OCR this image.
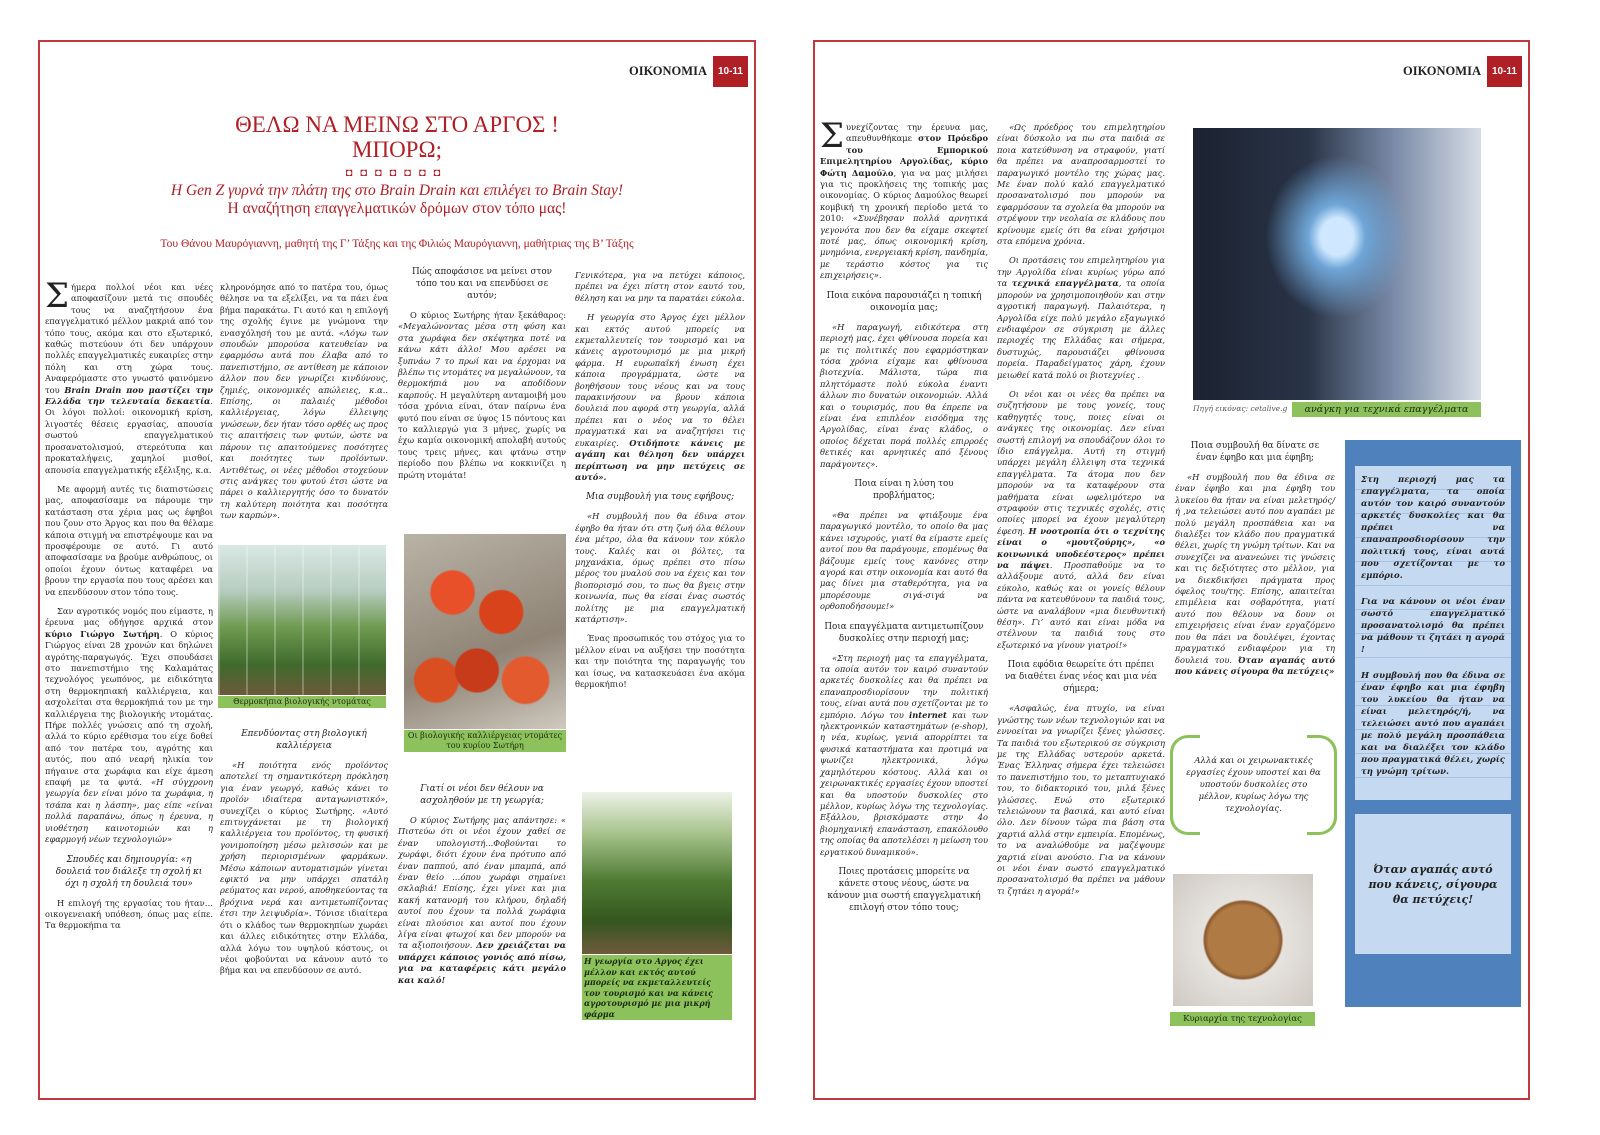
ΟΙΚΟΝΟΜΙΑ	10-11
ΘΕΛΩ ΝΑ ΜΕΙΝΩ ΣΤΟ ΑΡΓΟΣ !
ΜΠΟΡΩ;
◘◘◘◘◘◘◘
Η Gen Z γυρνά την πλάτη της στο Brain Drain και επιλέγει το Brain Stay!
Η αναζήτηση επαγγελματικών δρόμων στον τόπο μας!
Του Θάνου Μαυρόγιαννη, μαθητή της Γ’ Τάξης και της Φιλιώς Μαυρόγιαννη, μαθήτριας της Β’ Τάξης

Σήμερα πολλοί νέοι και νέες αποφασίζουν μετά τις σπουδές τους να αναζητήσουν ένα επαγγελματικό μέλλον μακριά από τον τόπο τους, ακόμα και στο εξωτερικό, καθώς πιστεύουν ότι δεν υπάρχουν πολλές επαγγελματικές ευκαιρίες στην πόλη και στη χώρα τους. Αναφερόμαστε στο γνωστό φαινόμενο του Brain Drain που μαστίζει την Ελλάδα την τελευταία δεκαετία. Οι λόγοι πολλοί: οικονομική κρίση, λιγοστές θέσεις εργασίας, απουσία σωστού επαγγελματικού προσανατολισμού, στερεότυπα και προκαταλήψεις, χαμηλοί μισθοί, απουσία επαγγελματικής εξέλιξης, κ.α.

Με αφορμή αυτές τις διαπιστώσεις μας, αποφασίσαμε να πάρουμε την κατάσταση στα χέρια μας ως έφηβοι που ζουν στο Άργος και που θα θέλαμε κάποια στιγμή να επιστρέψουμε και να προσφέρουμε σε αυτό. Γι αυτό αποφασίσαμε να βρούμε ανθρώπους, οι οποίοι έχουν όντως καταφέρει να βρουν την εργασία που τους αρέσει και να επενδύσουν στον τόπο τους.

Σαν αγροτικός νομός που είμαστε, η έρευνα μας οδήγησε αρχικά στον κύριο Γιώργο Σωτήρη. Ο κύριος Γιώργος είναι 28 χρονών και δηλώνει αγρότης-παραγωγός. Έχει σπουδάσει στο πανεπιστήμιο της Καλαμάτας τεχνολόγος γεωπόνος, με ειδικότητα στη θερμοκηπιακή καλλιέργεια, και ασχολείται στα θερμοκήπιά του με την καλλιέργεια της βιολογικής ντομάτας. Πήρε πολλές γνώσεις από τη σχολή, αλλά το κύριο ερέθισμα του είχε δοθεί από τον πατέρα του, αγρότης και αυτός, που από νεαρή ηλικία τον πήγαινε στα χωράφια και είχε άμεση επαφή με τα φυτά. «Η σύγχρονη γεωργία δεν είναι μόνο τα χωράφια, η τσάπα και η λάσπη», μας είπε «είναι πολλά παραπάνω, όπως η έρευνα, η υιοθέτηση καινοτομιών και η εφαρμογή νέων τεχνολογιών»

Σπουδές και δημιουργία: «η δουλειά του διάλεξε τη σχολή κι όχι η σχολή τη δουλειά του»

Η επιλογή της εργασίας του ήταν… οικογενειακή υπόθεση, όπως μας είπε. Τα θερμοκήπια τα

κληρονόμησε από το πατέρα του, όμως θέλησε να τα εξελίξει, να τα πάει ένα βήμα παρακάτω. Γι αυτό και η επιλογή της σχολής έγινε με γνώμονα την ενασχόλησή του με αυτά. «Λόγω των σπουδών μπορούσα κατευθείαν να εφαρμόσω αυτά που έλαβα από το πανεπιστήμιο, σε αντίθεση με κάποιον άλλον που δεν γνωρίζει κινδύνους, ζημιές, οικονομικές απώλειες, κ.α.. Επίσης, οι παλαιές μέθοδοι καλλιέργειας, λόγω έλλειψης γνώσεων, δεν ήταν τόσο ορθές ως προς τις απαιτήσεις των φυτών, ώστε να πάρουν τις απαιτούμενες ποσότητες και ποιότητες των προϊόντων. Αντιθέτως, οι νέες μέθοδοι στοχεύουν στις ανάγκες του φυτού έτσι ώστε να πάρει ο καλλιεργητής όσο το δυνατόν τη καλύτερη ποιότητα και ποσότητα των καρπών».

Θερμοκήπια βιολογικής ντομάτας
Επενδύοντας στη βιολογική καλλιέργεια

«Η ποιότητα ενός προϊόντος αποτελεί τη σημαντικότερη πρόκληση για έναν γεωργό, καθώς κάνει το προϊόν ιδιαίτερα ανταγωνιστικό», συνεχίζει ο κύριος Σωτήρης. «Αυτό επιτυγχάνεται με τη βιολογική καλλιέργεια του προϊόντος, τη φυσική γονιμοποίηση μέσω μελισσών και με χρήση περιορισμένων φαρμάκων. Μέσω κάποιων αυτοματισμών γίνεται εφικτό να μην υπάρχει σπατάλη ρεύματος και νερού, αποθηκεύοντας τα βρόχινα νερά και αντιμετωπίζοντας έτσι την λειψυδρία». Τόνισε ιδιαίτερα ότι ο κλάδος των θερμοκηπίων χωράει και άλλες ειδικότητες στην Ελλάδα, αλλά λόγω του υψηλού κόστους, οι νέοι φοβούνται να κάνουν αυτό το βήμα και να επενδύσουν σε αυτό.

Πώς αποφάσισε να μείνει στον τόπο του και να επενδύσει σε αυτόν;

Ο κύριος Σωτήρης ήταν ξεκάθαρος: «Μεγαλώνοντας μέσα στη φύση και στα χωράφια δεν σκέφτηκα ποτέ να κάνω κάτι άλλο! Μου αρέσει να ξυπνάω 7 το πρωί και να έρχομαι να βλέπω τις ντομάτες να μεγαλώνουν, τα θερμοκήπιά μου να αποδίδουν καρπούς. Η μεγαλύτερη ανταμοιβή μου τόσα χρόνια είναι, όταν παίρνω ένα φυτό που είναι σε ύψος 15 πόντους και το καλλιεργώ για 3 μήνες, χωρίς να έχω καμία οικονομική απολαβή αυτούς τους τρεις μήνες, και φτάνω στην περίοδο που βλέπω να κοκκινίζει η πρώτη ντομάτα!

Οι βιολογικής καλλιέργειας ντομάτες του κυρίου Σωτήρη
Γιατί οι νέοι δεν θέλουν να ασχοληθούν με τη γεωργία;

Ο κύριος Σωτήρης μας απάντησε: « Πιστεύω ότι οι νέοι έχουν χαθεί σε έναν υπολογιστή...Φοβούνται το χωράφι, διότι έχουν ένα πρότυπο από έναν παππού, από έναν μπαμπά, από έναν θείο …όπου χωράφι σημαίνει σκλαβιά! Επίσης, έχει γίνει και μια κακή κατανομή του κλήρου, δηλαδή αυτοί που έχουν τα πολλά χωράφια είναι πλούσιοι και αυτοί που έχουν λίγα είναι φτωχοί και δεν μπορούν να τα αξιοποιήσουν. Δεν χρειάζεται να υπάρχει κάποιος γονιός από πίσω, για να καταφέρεις κάτι μεγάλο και καλό!

Γενικότερα, για να πετύχει κάποιος, πρέπει να έχει πίστη στον εαυτό του, θέληση και να μην τα παρατάει εύκολα.

Η γεωργία στο Άργος έχει μέλλον και εκτός αυτού μπορείς να εκμεταλλευτείς τον τουρισμό και να κάνεις αγροτουρισμό με μια μικρή φάρμα. Η ευρωπαϊκή ένωση έχει κάποια προγράμματα, ώστε να βοηθήσουν τους νέους και να τους παρακινήσουν να βρουν κάποια δουλειά που αφορά στη γεωργία, αλλά πρέπει και ο νέος να το θέλει πραγματικά και να αναζητήσει τις ευκαιρίες. Οτιδήποτε κάνεις με αγάπη και θέληση δεν υπάρχει περίπτωση να μην πετύχεις σε αυτό».

Μια συμβουλή για τους εφήβους;

«Η συμβουλή που θα έδινα στον έφηβο θα ήταν ότι στη ζωή όλα θέλουν ένα μέτρο, όλα θα κάνουν τον κύκλο τους. Καλές και οι βόλτες, τα μηχανάκια, όμως πρέπει στο πίσω μέρος του μυαλού σου να έχεις και τον βιοπορισμό σου, το πως θα βγεις στην κοινωνία, πως θα είσαι ένας σωστός πολίτης με μια επαγγελματική κατάρτιση».

Ένας προσωπικός του στόχος για το μέλλον είναι να αυξήσει την ποσότητα και την ποιότητα της παραγωγής του και ίσως, να κατασκευάσει ένα ακόμα θερμοκήπιο!

Η γεωργία στο Αργος έχει μέλλον και εκτός αυτού μπορείς να εκμεταλλευτείς τον τουρισμό και να κάνεις αγροτουρισμό με μια μικρή φάρμα
ΟΙΚΟΝΟΜΙΑ	10-11

Συνεχίζοντας την έρευνα μας, απευθυνθήκαμε στον Πρόεδρο του Εμπορικού Επιμελητηρίου Αργολίδας, κύριο Φώτη Δαμούλο, για να μας μιλήσει για τις προκλήσεις της τοπικής μας οικονομίας. Ο κύριος Δαμούλος θεωρεί κομβική τη χρονική περίοδο μετά το 2010: «Συνέβησαν πολλά αρνητικά γεγονότα που δεν θα είχαμε σκεφτεί ποτέ μας, όπως οικονομική κρίση, μνημόνια, ενεργειακή κρίση, πανδημία, με τεράστιο κόστος για τις επιχειρήσεις».

Ποια εικόνα παρουσιάζει η τοπική οικονομία μας;

«Η παραγωγή, ειδικότερα στη περιοχή μας, έχει φθίνουσα πορεία και με τις πολιτικές που εφαρμόστηκαν τόσα χρόνια είχαμε και φθίνουσα βιοτεχνία. Μάλιστα, τώρα πια πληττόμαστε πολύ εύκολα έναντι άλλων πιο δυνατών οικονομιών. Αλλά και ο τουρισμός, που θα έπρεπε να είναι ένα επιπλέον εισόδημα της Αργολίδας, είναι ένας κλάδος, ο οποίος δέχεται πορά πολλές επιρροές θετικές και αρνητικές από ξένους παράγοντες».

Ποια είναι η λύση του προβλήματος;

«Θα πρέπει να φτιάξουμε ένα παραγωγικό μοντέλο, το οποίο θα μας κάνει ισχυρούς, γιατί θα είμαστε εμείς αυτοί που θα παράγουμε, επομένως θα βάζουμε εμείς τους κανόνες στην αγορά και στην οικονομία και αυτό θα μας δίνει μια σταθερότητα, για να μπορέσουμε σιγά-σιγά να ορθοποδήσουμε!»

Ποια επαγγέλματα αντιμετωπίζουν δυσκολίες στην περιοχή μας;

«Στη περιοχή μας τα επαγγέλματα, τα οποία αυτόν τον καιρό συναντούν αρκετές δυσκολίες και θα πρέπει να επαναπροσδιορίσουν την πολιτική τους, είναι αυτά που σχετίζονται με το εμπόριο. Λόγω του internet και των ηλεκτρονικών καταστημάτων (e-shop), η νέα, κυρίως, γενιά απορρίπτει τα φυσικά καταστήματα και προτιμά να ψωνίζει ηλεκτρονικά, λόγω χαμηλότερου κόστους. Αλλά και οι χειρωνακτικές εργασίες έχουν υποστεί και θα υποστούν δυσκολίες στο μέλλον, κυρίως λόγω της τεχνολογίας. Εξάλλου, βρισκόμαστε στην 4ο βιομηχανική επανάσταση, επακόλουθο της οποίας θα αποτελέσει η μείωση του εργατικού δυναμικού».

Ποιες προτάσεις μπορείτε να κάνετε στους νέους, ώστε να κάνουν μια σωστή επαγγελματική επιλογή στον τόπο τους;

«Ως πρόεδρος του επιμελητηρίου είναι δύσκολο να πω στα παιδιά σε ποια κατεύθυνση να στραφούν, γιατί θα πρέπει να αναπροσαρμοστεί το παραγωγικό μοντέλο της χώρας μας. Με έναν πολύ καλό επαγγελματικό προσανατολισμό που μπορούν να εφαρμόσουν τα σχολεία θα μπορούν να στρέψουν την νεολαία σε κλάδους που κρίνουμε εμείς ότι θα είναι χρήσιμοι στα επόμενα χρόνια.

Οι προτάσεις του επιμελητηρίου για την Αργολίδα είναι κυρίως γύρω από τα τεχνικά επαγγέλματα, τα οποία μπορούν να χρησιμοποιηθούν και στην αγροτική παραγωγή. Παλαιότερα, η Αργολίδα είχε πολύ μεγάλο εξαγωγικό ενδιαφέρον σε σύγκριση με άλλες περιοχές της Ελλάδας και σήμερα, δυστυχώς, παρουσιάζει φθίνουσα πορεία. Παραδείγματος χάρη, έχουν μειωθεί κατά πολύ οι βιοτεχνίες .

Οι νέοι και οι νέες θα πρέπει να συζητήσουν με τους γονείς, τους καθηγητές τους, ποιες είναι οι ανάγκες της οικονομίας. Δεν είναι σωστή επιλογή να σπουδάζουν όλοι το ίδιο επάγγελμα. Αυτή τη στιγμή υπάρχει μεγάλη έλλειψη στα τεχνικά επαγγέλματα. Τα άτομα που δεν μπορούν να τα καταφέρουν στα μαθήματα είναι ωφελιμότερο να στραφούν στις τεχνικές σχολές, στις οποίες μπορεί να έχουν μεγαλύτερη έφεση. Η νοοτροπία ότι ο τεχνίτης είναι ο «μουτζούρης», «ο κοινωνικά υποδεέστερος» πρέπει να πάψει. Προσπαθούμε να το αλλάξουμε αυτό, αλλά δεν είναι εύκολο, καθώς και οι γονείς θέλουν πάντα να κατευθύνουν τα παιδιά τους, ώστε να αναλάβουν «μια διευθυντική θέση». Γι’ αυτό και είναι μόδα να στέλνουν τα παιδιά τους στο εξωτερικό να γίνουν γιατροί!»

Ποια εφόδια θεωρείτε ότι πρέπει να διαθέτει ένας νέος και μια νέα σήμερα;

«Ασφαλώς, ένα πτυχίο, να είναι γνώστης των νέων τεχνολογιών και να εννοείται να γνωρίζει ξένες γλώσσες. Τα παιδιά του εξωτερικού σε σύγκριση με της Ελλάδας υστερούν αρκετά. Ένας Έλληνας σήμερα έχει τελειώσει το πανεπιστήμιο του, το μεταπτυχιακό του, το διδακτορικό του, μιλά ξένες γλώσσες. Ενώ στο εξωτερικό τελειώνουν τα βασικά, και αυτό είναι όλο. Δεν δίνουν τώρα πια βάση στα χαρτιά αλλά στην εμπειρία. Επομένως, το να αναλώθούμε να μαζέψουμε χαρτιά είναι ανούσιο. Για να κάνουν οι νέοι έναν σωστό επαγγελματικό προσανατολισμό θα πρέπει να μάθουν τι ζητάει η αγορά!»

Πηγή εικόνας: cetalive.g	ανάγκη για τεχνικά επαγγέλματα
Ποια συμβουλή θα δίνατε σε έναν έφηβο και μια έφηβη;

«Η συμβουλή που θα έδινα σε έναν έφηβο και μια έφηβη του λυκείου θα ήταν να είναι μελετηρός/ή ,να τελειώσει αυτό που αγαπάει με πολύ μεγάλη προσπάθεια και να διαλέξει τον κλάδο που πραγματικά θέλει, χωρίς τη γνώμη τρίτων. Και να συνεχίζει να ανανεώνει τις γνώσεις και τις δεξιότητες στο μέλλον, για να διεκδικήσει πράγματα προς όφελος του/της. Επίσης, απαιτείται επιμέλεια και σοβαρότητα, γιατί αυτό που θέλουν να δουν οι επιχειρήσεις είναι έναν εργαζόμενο που θα πάει να δουλέψει, έχοντας πραγματικό ενδιαφέρον για τη δουλειά του. Όταν αγαπάς αυτό που κάνεις σίγουρα θα πετύχεις»

Αλλά και οι χειρωνακτικές εργασίες έχουν υποστεί και θα υποστούν δυσκολίες στο μέλλον, κυρίως λόγω της τεχνολογίας.
Κυριαρχία της τεχνολογίας

Στη περιοχή μας τα επαγγέλματα, τα οποία αυτόν τον καιρό συναντούν αρκετές δυσκολίες και θα πρέπει να επαναπροσδιορίσουν την πολιτική τους, είναι αυτά που σχετίζονται με το εμπόριο.

Για να κάνουν οι νέοι έναν σωστό επαγγελματικό προσανατολισμό θα πρέπει να μάθουν τι ζητάει η αγορά !

Η συμβουλή που θα έδινα σε έναν έφηβο και μια έφηβη του λυκείου θα ήταν να είναι μελετηρός/ή, να τελειώσει αυτό που αγαπάει με πολύ μεγάλη προσπάθεια και να διαλέξει τον κλάδο που πραγματικά θέλει, χωρίς τη γνώμη τρίτων.

Όταν αγαπάς αυτό που κάνεις, σίγουρα θα πετύχεις!
